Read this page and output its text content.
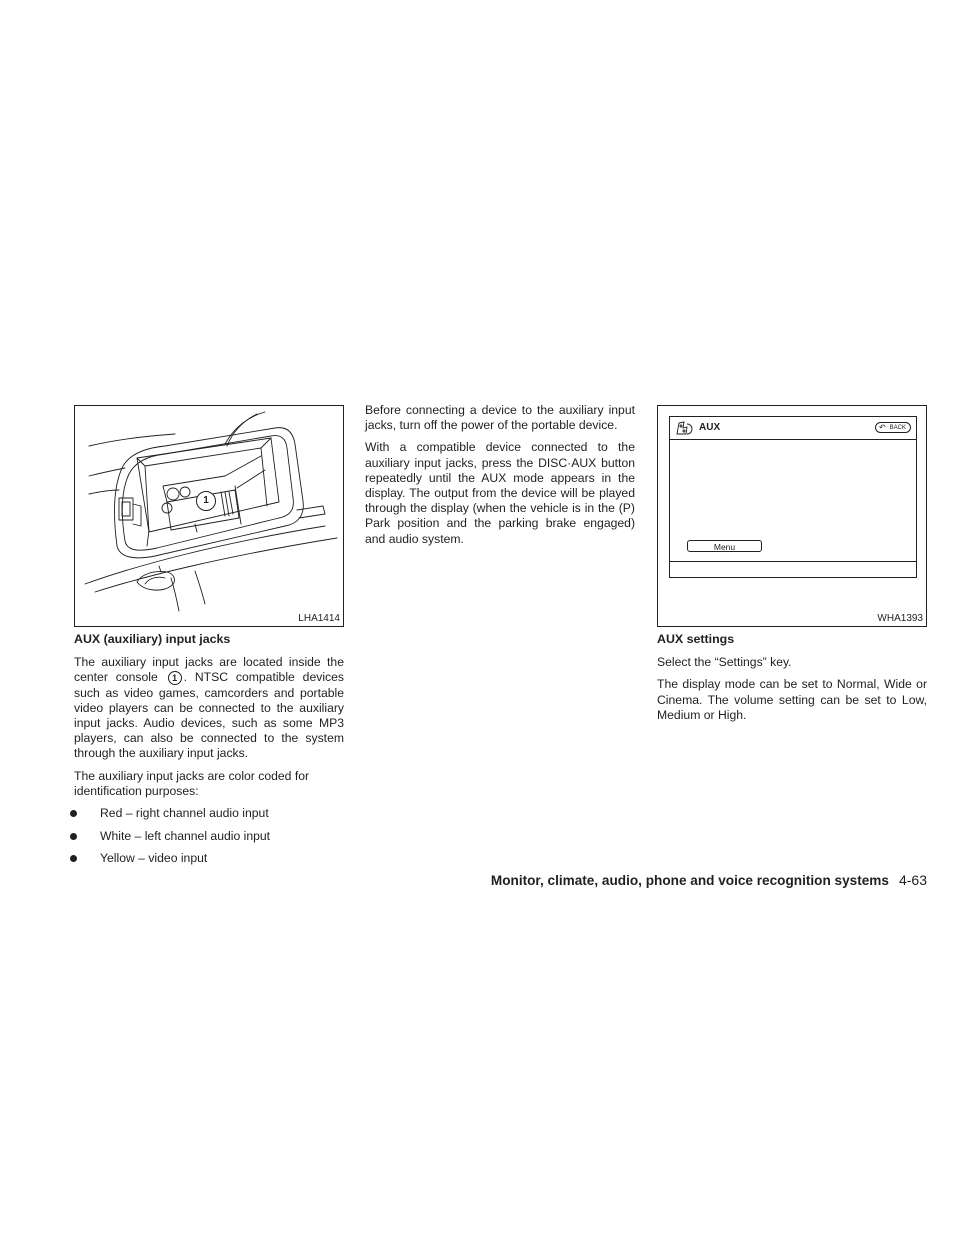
1
LHA1414
AUX (auxiliary) input jacks

The auxiliary input jacks are located inside the center console 1 . NTSC compatible devices such as video games, camcorders and portable video players can be connected to the auxiliary input jacks. Audio devices, such as some MP3 players, can also be connected to the system through the auxiliary input jacks.

The auxiliary input jacks are color coded for identification purposes:

Red – right channel audio input
White – left channel audio input
Yellow – video input

Before connecting a device to the auxiliary input jacks, turn off the power of the portable device.

With a compatible device connected to the auxiliary input jacks, press the DISC·AUX button repeatedly until the AUX mode appears in the display. The output from the device will be played through the display (when the vehicle is in the (P) Park position and the parking brake engaged) and audio system.

AUX	↶ BACK
Menu
WHA1393
AUX settings

Select the “Settings” key.

The display mode can be set to Normal, Wide or Cinema. The volume setting can be set to Low, Medium or High.

Monitor, climate, audio, phone and voice recognition systems 4-63
